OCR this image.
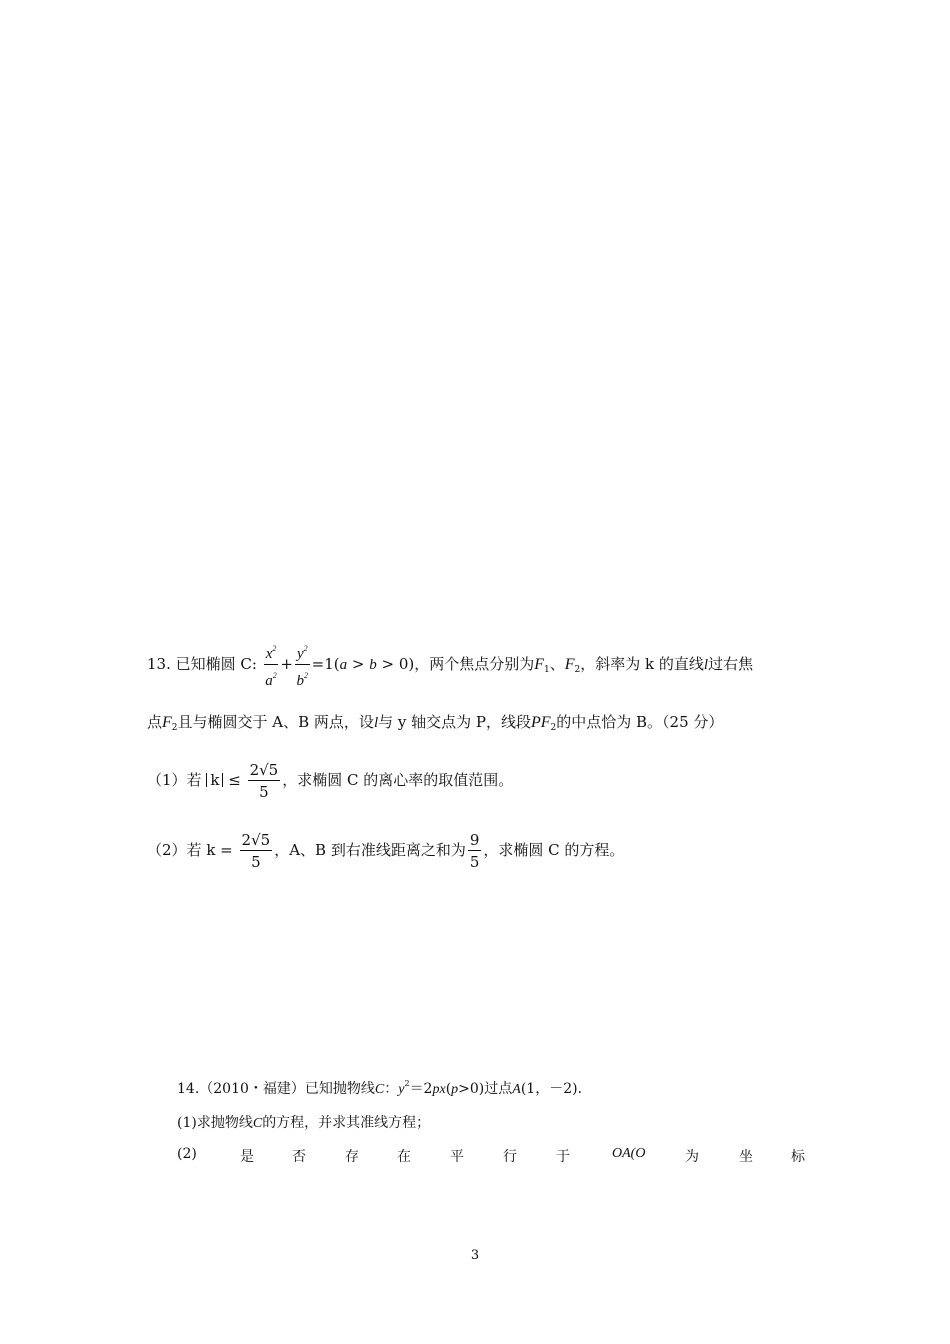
13. 已知椭圆 C: $\frac{x^2}{a^2} + \frac{y^2}{b^2} =1(a > b > 0)$，两个焦点分别为$F_1$、$F_2$，斜率为 k 的直线l过右焦
点$F_2$且与椭圆交于 A、B 两点，设l与 y 轴交点为 P，线段$PF_2$的中点恰为 B。（25 分）
（1）若 $k \le \frac{2√5}{5}$ ，求椭圆 C 的离心率的取值范围。
（2）若 $k = \frac{2√5}{5}$ ，A、B 到右准线距离之和为 $\frac{9}{5}$ ，求椭圆 C 的方程。
14.（2010・福建）已知抛物线C：$y^2=2px(p>0)$过点A(1，－2)．
(1)求抛物线C的方程，并求其准线方程；
(2)	是	否	存	在	平	行	于	OA(O	为	坐	标
3
